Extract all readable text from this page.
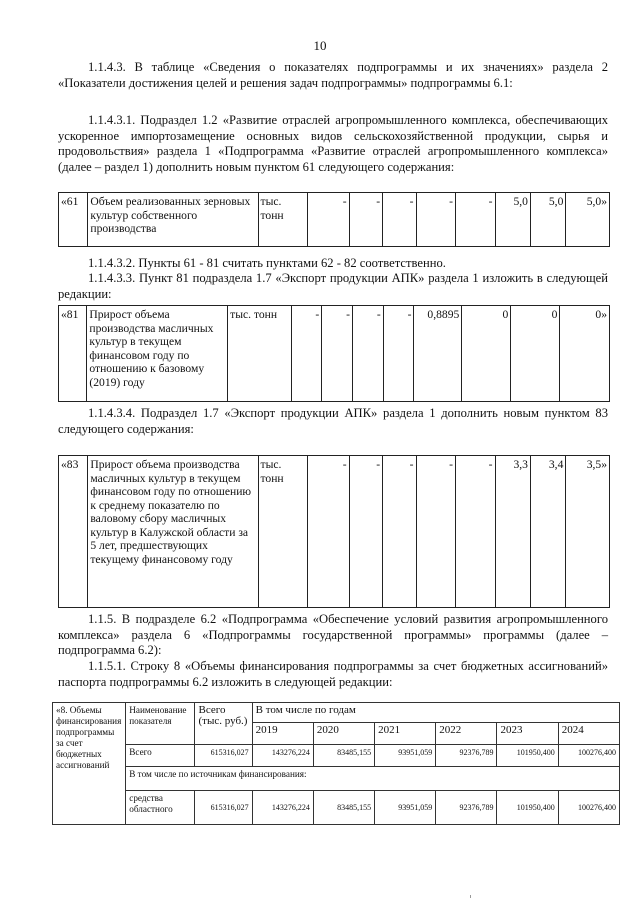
10
1.1.4.3. В таблице «Сведения о показателях подпрограммы и их значениях» раздела 2 «Показатели достижения целей и решения задач подпрограммы» подпрограммы 6.1:
1.1.4.3.1. Подраздел 1.2 «Развитие отраслей агропромышленного комплекса, обеспечивающих ускоренное импортозамещение основных видов сельскохозяйственной продукции, сырья и продовольствия» раздела 1 «Подпрограмма «Развитие отраслей агропромышленного комплекса» (далее – раздел 1) дополнить новым пунктом 61 следующего содержания:
«61	Объем реализованных зерновых культур собственного производства	тыс. тонн	-	-	-	-	-	5,0	5,0	5,0»
1.1.4.3.2. Пункты 61 - 81 считать пунктами 62 - 82 соответственно.
1.1.4.3.3. Пункт 81 подраздела 1.7 «Экспорт продукции АПК» раздела 1 изложить в следующей редакции:
«81	Прирост объема производства масличных культур в текущем финансовом году по отношению к базовому (2019) году	тыс. тонн	-	-	-	-	0,8895	0	0	0»
1.1.4.3.4. Подраздел 1.7 «Экспорт продукции АПК» раздела 1 дополнить новым пунктом 83 следующего содержания:
«83	Прирост объема производства масличных культур в текущем финансовом году по отношению к среднему показателю по валовому сбору масличных культур в Калужской области за 5 лет, предшествующих текущему финансовому году	тыс. тонн	-	-	-	-	-	3,3	3,4	3,5»
1.1.5. В подразделе 6.2 «Подпрограмма «Обеспечение условий развития агропромышленного комплекса» раздела 6 «Подпрограммы государственной программы» программы (далее – подпрограмма 6.2):
1.1.5.1. Строку 8 «Объемы финансирования подпрограммы за счет бюджетных ассигнований» паспорта подпрограммы 6.2 изложить в следующей редакции:
«8. Объемы финансирования подпрограммы за счет бюджетных ассигнований	Наименование показателя	Всего (тыс. руб.)	В том числе по годам					
			2019	2020	2021	2022	2023	2024
	Всего	615316,027	143276,224	83485,155	93951,059	92376,789	101950,400	100276,400
	В том числе по источникам финансирования:							
	средства областного	615316,027	143276,224	83485,155	93951,059	92376,789	101950,400	100276,400
